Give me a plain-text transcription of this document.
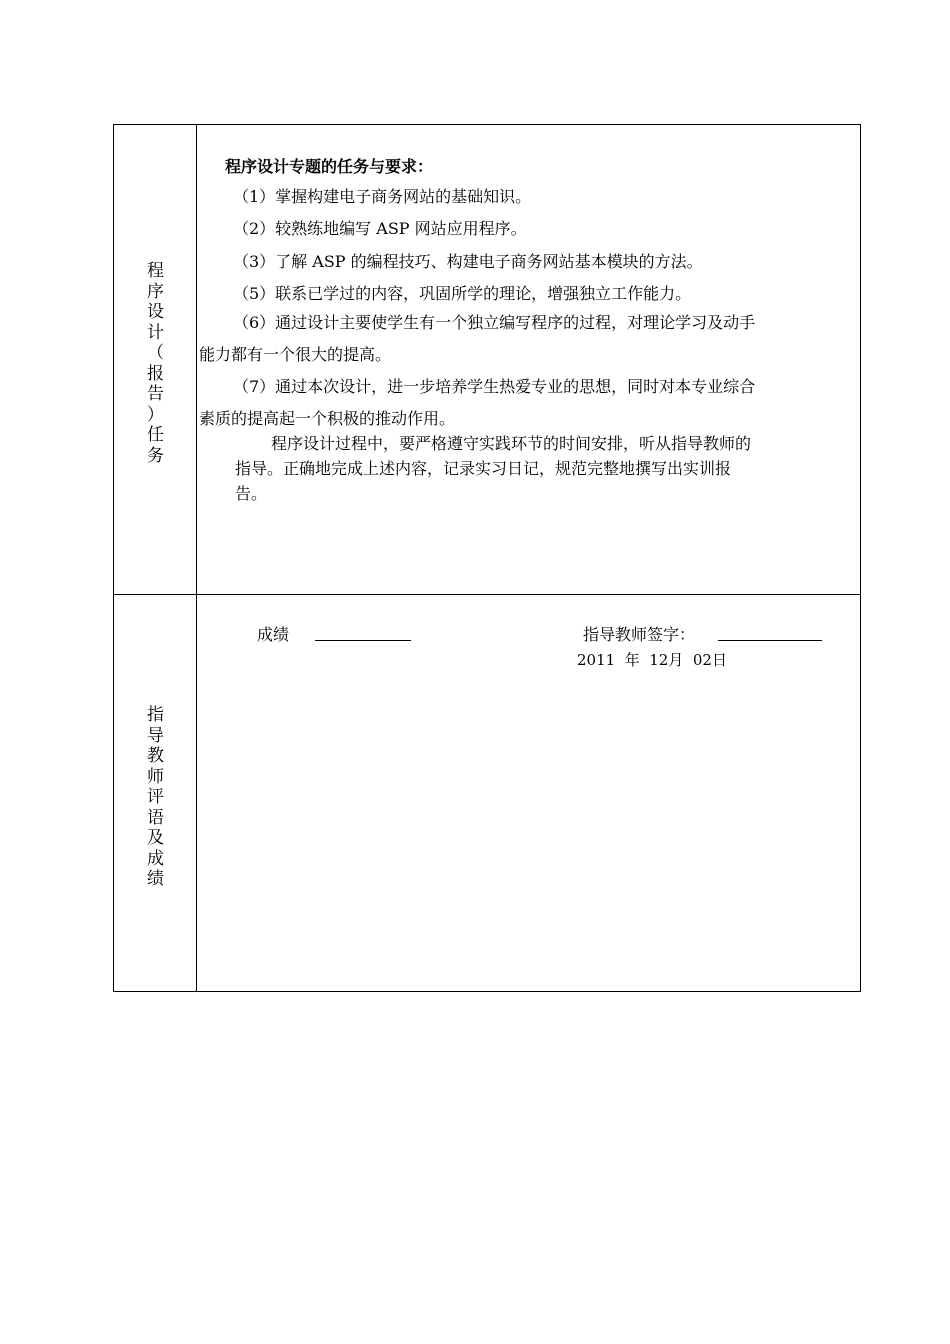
程
序
设
计
（
报
告
）
任
务
程序设计专题的任务与要求：
（1）掌握构建电子商务网站的基础知识。
（2）较熟练地编写 ASP 网站应用程序。
（3）了解 ASP 的编程技巧、构建电子商务网站基本模块的方法。
（5）联系已学过的内容，巩固所学的理论，增强独立工作能力。
（6）通过设计主要使学生有一个独立编写程序的过程，对理论学习及动手
能力都有一个很大的提高。
（7）通过本次设计，进一步培养学生热爱专业的思想，同时对本专业综合
素质的提高起一个积极的推动作用。
程序设计过程中，要严格遵守实践环节的时间安排，听从指导教师的
指导。正确地完成上述内容，记录实习日记，规范完整地撰写出实训报
告。
指
导
教
师
评
语
及
成
绩
成绩	指导教师签字：
2011  年  12月  02日
